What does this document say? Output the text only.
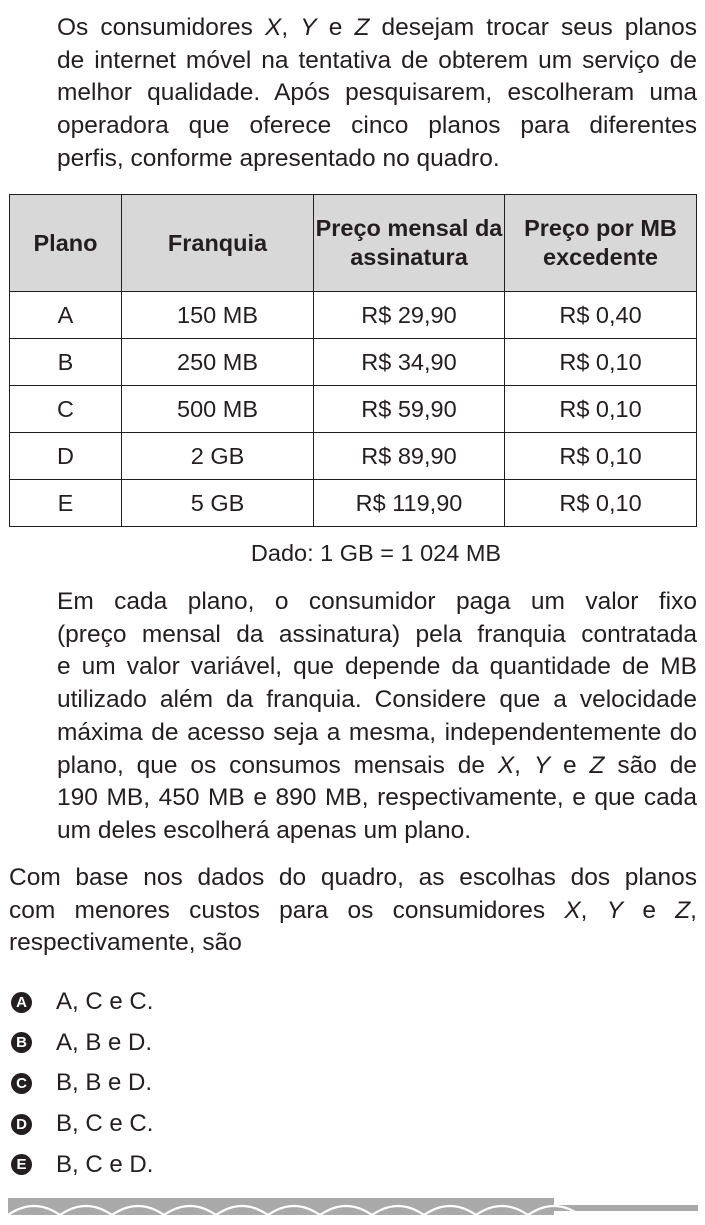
Os consumidores X, Y e Z desejam trocar seus planos
de internet móvel na tentativa de obterem um serviço de
melhor qualidade. Após pesquisarem, escolheram uma
operadora que oferece cinco planos para diferentes
perfis, conforme apresentado no quadro.
Plano	Franquia	Preço mensal da assinatura	Preço por MB excedente
A	150 MB	R$ 29,90	R$ 0,40
B	250 MB	R$ 34,90	R$ 0,10
C	500 MB	R$ 59,90	R$ 0,10
D	2 GB	R$ 89,90	R$ 0,10
E	5 GB	R$ 119,90	R$ 0,10
Dado: 1 GB = 1 024 MB
Em cada plano, o consumidor paga um valor fixo
(preço mensal da assinatura) pela franquia contratada
e um valor variável, que depende da quantidade de MB
utilizado além da franquia. Considere que a velocidade
máxima de acesso seja a mesma, independentemente do
plano, que os consumos mensais de X, Y e Z são de
190 MB, 450 MB e 890 MB, respectivamente, e que cada
um deles escolherá apenas um plano.
Com base nos dados do quadro, as escolhas dos planos
com menores custos para os consumidores X, Y e Z,
respectivamente, são
A A, C e C.
B A, B e D.
C B, B e D.
D B, C e C.
E B, C e D.
